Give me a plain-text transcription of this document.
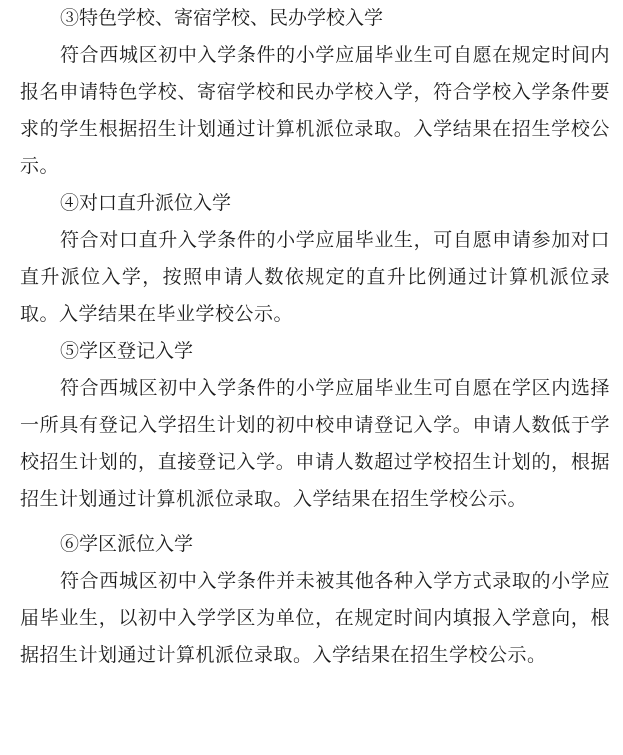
③特色学校、寄宿学校、民办学校入学

符合西城区初中入学条件的小学应届毕业生可自愿在规定时间内报名申请特色学校、寄宿学校和民办学校入学，符合学校入学条件要求的学生根据招生计划通过计算机派位录取。入学结果在招生学校公示。

④对口直升派位入学

符合对口直升入学条件的小学应届毕业生，可自愿申请参加对口直升派位入学，按照申请人数依规定的直升比例通过计算机派位录取。入学结果在毕业学校公示。

⑤学区登记入学

符合西城区初中入学条件的小学应届毕业生可自愿在学区内选择一所具有登记入学招生计划的初中校申请登记入学。申请人数低于学校招生计划的，直接登记入学。申请人数超过学校招生计划的，根据招生计划通过计算机派位录取。入学结果在招生学校公示。

⑥学区派位入学

符合西城区初中入学条件并未被其他各种入学方式录取的小学应届毕业生，以初中入学学区为单位，在规定时间内填报入学意向，根据招生计划通过计算机派位录取。入学结果在招生学校公示。
